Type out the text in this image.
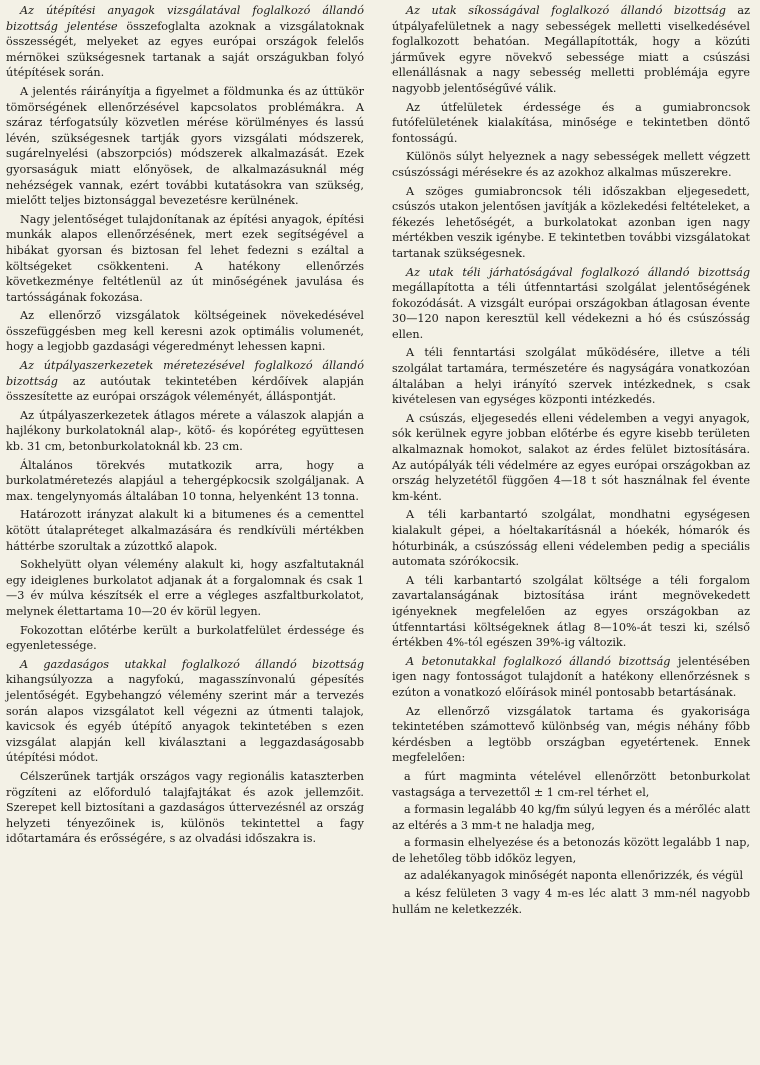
Az útépítési anyagok vizsgálatával foglalkozó állandó bizottság jelentése összefoglalta azoknak a vizsgálatoknak összességét, melyeket az egyes európai országok felelős mérnökei szükségesnek tartanak a saját országukban folyó útépítések során.

A jelentés ráirányítja a figyelmet a földmunka és az úttükör tömörségének ellenőrzésével kapcsolatos problémákra. A száraz térfogatsúly közvetlen mérése körülményes és lassú lévén, szükségesnek tartják gyors vizsgálati módszerek, sugárelnyelési (abszorpciós) módszerek alkalmazását. Ezek gyorsaságuk miatt előnyösek, de alkalmazásuknál még nehézségek vannak, ezért további kutatásokra van szükség, mielőtt teljes biztonsággal bevezetésre kerülnének.

Nagy jelentőséget tulajdonítanak az építési anyagok, építési munkák alapos ellenőrzésének, mert ezek segítségével a hibákat gyorsan és biztosan fel lehet fedezni s ezáltal a költségeket csökkenteni. A hatékony ellenőrzés következménye feltétlenül az út minőségének javulása és tartósságának fokozása.

Az ellenőrző vizsgálatok költségeinek növekedésével összefüggésben meg kell keresni azok optimális volumenét, hogy a legjobb gazdasági végeredményt lehessen kapni.

Az útpályaszerkezetek méretezésével foglalkozó állandó bizottság az autóutak tekintetében kérdőívek alapján összesítette az európai országok véleményét, álláspontját.

Az útpályaszerkezetek átlagos mérete a válaszok alapján a hajlékony burkolatoknál alap-, kötő- és kopóréteg együttesen kb. 31 cm, betonburkolatoknál kb. 23 cm.

Általános törekvés mutatkozik arra, hogy a burkolatméretezés alapjául a tehergépkocsik szolgáljanak. A max. tengelynyomás általában 10 tonna, helyenként 13 tonna.

Határozott irányzat alakult ki a bitumenes és a cementtel kötött útalapréteget alkalmazására és rendkívüli mértékben háttérbe szorultak a zúzottkő alapok.

Sokhelyütt olyan vélemény alakult ki, hogy aszfaltutaknál egy ideiglenes burkolatot adjanak át a forgalomnak és csak 1—3 év múlva készítsék el erre a végleges aszfaltburkolatot, melynek élettartama 10—20 év körül legyen.

Fokozottan előtérbe került a burkolatfelület érdessége és egyenletessége.

A gazdaságos utakkal foglalkozó állandó bizottság kihangsúlyozza a nagyfokú, magasszínvonalú gépesítés jelentőségét. Egybehangzó vélemény szerint már a tervezés során alapos vizsgálatot kell végezni az útmenti talajok, kavicsok és egyéb útépítő anyagok tekintetében s ezen vizsgálat alapján kell kiválasztani a leggazdaságosabb útépítési módot.

Célszerűnek tartják országos vagy regionális kataszterben rögzíteni az előforduló talajfajtákat és azok jellemzőit. Szerepet kell biztosítani a gazdaságos úttervezésnél az ország helyzeti tényezőinek is, különös tekintettel a fagy időtartamára és erősségére, s az olvadási időszakra is.

Az utak síkosságával foglalkozó állandó bizottság az útpályafelületnek a nagy sebességek melletti viselkedésével foglalkozott behatóan. Megállapították, hogy a közúti járművek egyre növekvő sebessége miatt a csúszási ellenállásnak a nagy sebesség melletti problémája egyre nagyobb jelentőségűvé válik.

Az útfelületek érdessége és a gumiabroncsok futófelületének kialakítása, minősége e tekintetben döntő fontosságú.

Különös súlyt helyeznek a nagy sebességek mellett végzett csúszóssági mérésekre és az azokhoz alkalmas műszerekre.

A szöges gumiabroncsok téli időszakban eljegesedett, csúszós utakon jelentősen javítják a közlekedési feltételeket, a fékezés lehetőségét, a burkolatokat azonban igen nagy mértékben veszik igénybe. E tekintetben további vizsgálatokat tartanak szükségesnek.

Az utak téli járhatóságával foglalkozó állandó bizottság megállapította a téli útfenntartási szolgálat jelentőségének fokozódását. A vizsgált európai országokban átlagosan évente 30—120 napon keresztül kell védekezni a hó és csúszósság ellen.

A téli fenntartási szolgálat működésére, illetve a téli szolgálat tartamára, természetére és nagyságára vonatkozóan általában a helyi irányító szervek intézkednek, s csak kivételesen van egységes központi intézkedés.

A csúszás, eljegesedés elleni védelemben a vegyi anyagok, sók kerülnek egyre jobban előtérbe és egyre kisebb területen alkalmaznak homokot, salakot az érdes felület biztosítására. Az autópályák téli védelmére az egyes európai országokban az ország helyzetétől függően 4—18 t sót használnak fel évente km-ként.

A téli karbantartó szolgálat, mondhatni egységesen kialakult gépei, a hóeltakarításnál a hóekék, hómarók és hóturbinák, a csúszósság elleni védelemben pedig a speciális automata szórókocsik.

A téli karbantartó szolgálat költsége a téli forgalom zavartalanságának biztosítása iránt megnövekedett igényeknek megfelelően az egyes országokban az útfenntartási költségeknek átlag 8—10%-át teszi ki, szélső értékben 4%-tól egészen 39%-ig változik.

A betonutakkal foglalkozó állandó bizottság jelentésében igen nagy fontosságot tulajdonít a hatékony ellenőrzésnek s ezúton a vonatkozó előírások minél pontosabb betartásának.

Az ellenőrző vizsgálatok tartama és gyakorisága tekintetében számottevő különbség van, mégis néhány főbb kérdésben a legtöbb országban egyetértenek. Ennek megfelelően:

a fúrt magminta vételével ellenőrzött betonburkolat vastagsága a tervezettől ± 1 cm-rel térhet el,

a formasin legalább 40 kg/fm súlyú legyen és a mérőléc alatt az eltérés a 3 mm-t ne haladja meg,

a formasin elhelyezése és a betonozás között legalább 1 nap, de lehetőleg több időköz legyen,

az adalékanyagok minőségét naponta ellenőrizzék, és végül

a kész felületen 3 vagy 4 m-es léc alatt 3 mm-nél nagyobb hullám ne keletkezzék.
